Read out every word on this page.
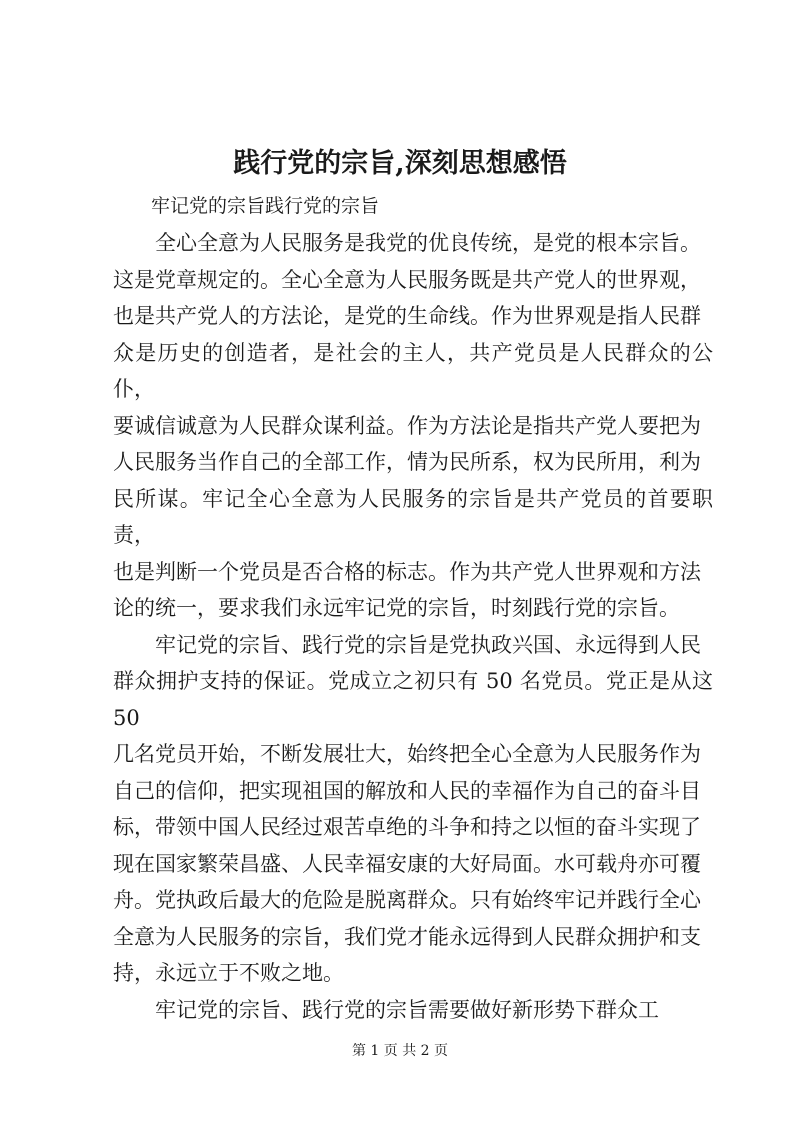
践行党的宗旨,深刻思想感悟

牢记党的宗旨践行党的宗旨

全心全意为人民服务是我党的优良传统，是党的根本宗旨。
这是党章规定的。全心全意为人民服务既是共产党人的世界观，
也是共产党人的方法论，是党的生命线。作为世界观是指人民群
众是历史的创造者，是社会的主人，共产党员是人民群众的公仆，
要诚信诚意为人民群众谋利益。作为方法论是指共产党人要把为
人民服务当作自己的全部工作，情为民所系，权为民所用，利为
民所谋。牢记全心全意为人民服务的宗旨是共产党员的首要职责，
也是判断一个党员是否合格的标志。作为共产党人世界观和方法
论的统一，要求我们永远牢记党的宗旨，时刻践行党的宗旨。

牢记党的宗旨、践行党的宗旨是党执政兴国、永远得到人民
群众拥护支持的保证。党成立之初只有 50 名党员。党正是从这 50
几名党员开始，不断发展壮大，始终把全心全意为人民服务作为
自己的信仰，把实现祖国的解放和人民的幸福作为自己的奋斗目
标，带领中国人民经过艰苦卓绝的斗争和持之以恒的奋斗实现了
现在国家繁荣昌盛、人民幸福安康的大好局面。水可载舟亦可覆
舟。党执政后最大的危险是脱离群众。只有始终牢记并践行全心
全意为人民服务的宗旨，我们党才能永远得到人民群众拥护和支
持，永远立于不败之地。

牢记党的宗旨、践行党的宗旨需要做好新形势下群众工

第 1 页 共 2 页
